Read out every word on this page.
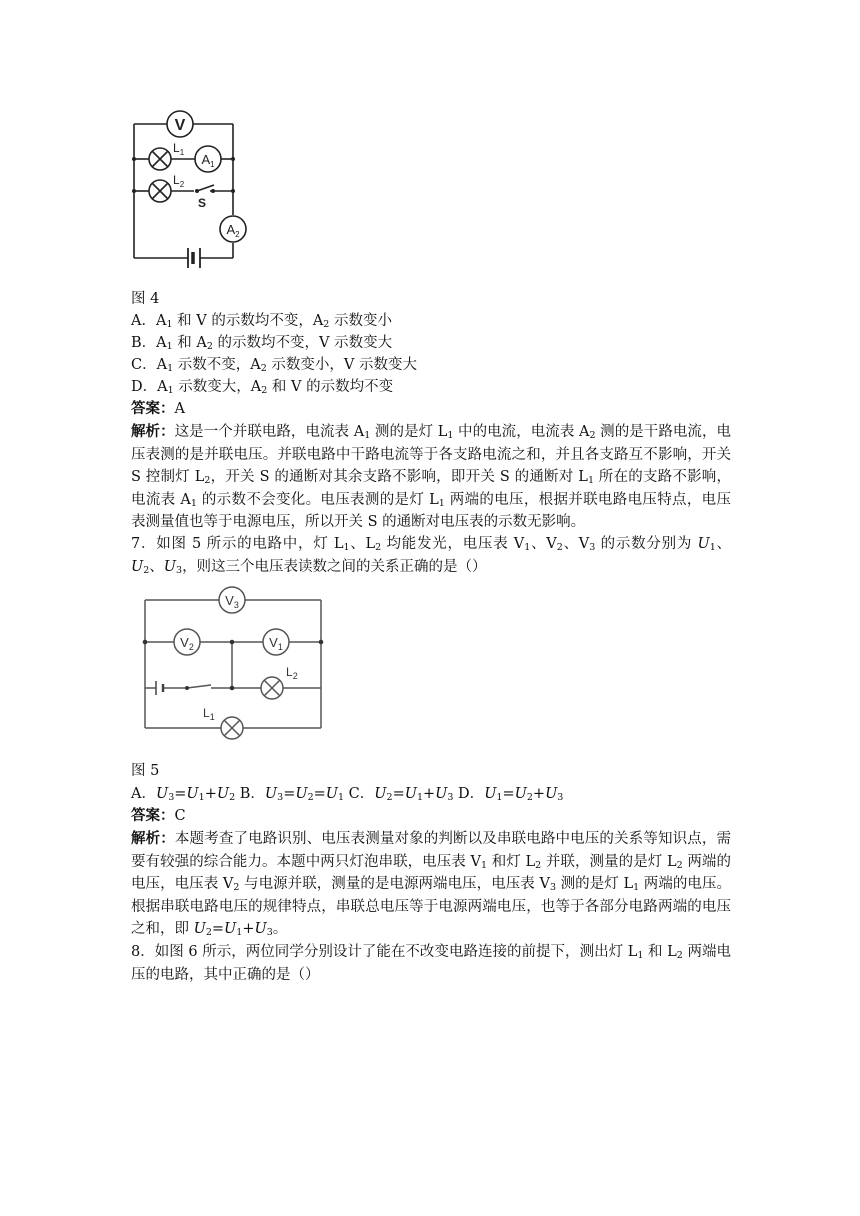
V
$A_1$
$A_2$
$L_1$
$L_2$
S
图 4
A．$A_1$ 和 V 的示数均不变，$A_2$ 示数变小
B．$A_1$ 和 $A_2$ 的示数均不变，V 示数变大
C．$A_1$ 示数不变，$A_2$ 示数变小，V 示数变大
D．$A_1$ 示数变大，$A_2$ 和 V 的示数均不变
答案：A
解析：这是一个并联电路，电流表 $A_1$ 测的是灯 $L_1$ 中的电流，电流表 $A_2$ 测的是干路电流，电压表测的是并联电压。并联电路中干路电流等于各支路电流之和，并且各支路互不影响，开关 S 控制灯 $L_2$，开关 S 的通断对其余支路不影响，即开关 S 的通断对 $L_1$ 所在的支路不影响，电流表 $A_1$ 的示数不会变化。电压表测的是灯 $L_1$ 两端的电压，根据并联电路电压特点，电压表测量值也等于电源电压，所以开关 S 的通断对电压表的示数无影响。
7．如图 5 所示的电路中，灯 $L_1$、$L_2$ 均能发光，电压表 $V_1$、$V_2$、$V_3$ 的示数分别为 $U_1$、$U_2$、$U_3$，则这三个电压表读数之间的关系正确的是（）
$V_3$
$V_2$	$V_1$
$L_2$
$L_1$
图 5
A．$U_3=U_1+U_2$ B．$U_3=U_2=U_1$ C．$U_2=U_1+U_3$ D．$U_1=U_2+U_3$
答案：C
解析：本题考查了电路识别、电压表测量对象的判断以及串联电路中电压的关系等知识点，需要有较强的综合能力。本题中两只灯泡串联，电压表 $V_1$ 和灯 $L_2$ 并联，测量的是灯 $L_2$ 两端的电压，电压表 $V_2$ 与电源并联，测量的是电源两端电压，电压表 $V_3$ 测的是灯 $L_1$ 两端的电压。根据串联电路电压的规律特点，串联总电压等于电源两端电压，也等于各部分电路两端的电压之和，即 $U_2=U_1+U_3$。
8．如图 6 所示，两位同学分别设计了能在不改变电路连接的前提下，测出灯 $L_1$ 和 $L_2$ 两端电压的电路，其中正确的是（）
